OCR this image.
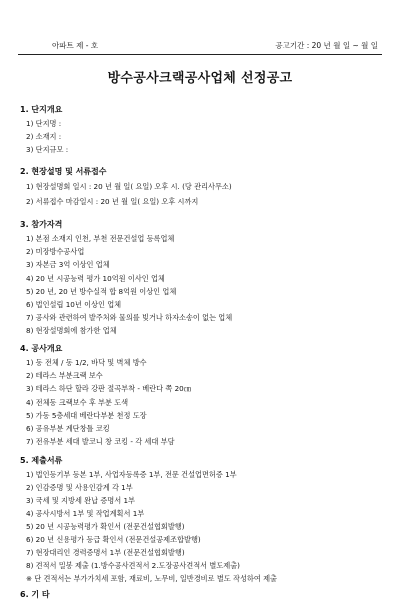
아파트 제 - 호	공고기간 : 20 년 월 일 ~ 월 일
방수공사크랙공사업체 선정공고
1. 단지개요
1) 단지명 :
2) 소재지 :
3) 단지규모 :
2. 현장설명 및 서류접수
1) 현장설명회 일시 : 20 년 월 일( 요일) 오후 시. (당 관리사무소)
2) 서류접수 마감일시 : 20 년 월 일( 요일) 오후 시까지
3. 참가자격
1) 본점 소재지 인천, 부천 전문건설업 등록업체
2) 미장방수공사업
3) 자본금 3억 이상인 업체
4) 20 년 시공능력 평가 10억원 이사인 업체
5) 20 년, 20 년 방수실적 합 8억원 이상인 업체
6) 법인설립 10년 이상인 업체
7) 공사와 관련하여 발주처와 물의를 빚거나 하자소송이 없는 업체
8) 현장설명회에 참가한 업체
4. 공사개요
1) 동 전체 / 동 1/2, 바닥 및 벽체 방수
2) 테라스 부분크랙 보수
3) 테라스 하단 할라 강판 절곡부착 - 베란다 쪽 20㎝
4) 전체동 크랙보수 후 부분 도색
5) 가동 5층세대 베란다부분 천정 도장
6) 공유부분 계단창틀 코킹
7) 전유부분 세대 발코니 창 코킹 - 각 세대 부담
5. 제출서류
1) 법인등기부 등본 1부, 사업자등록증 1부, 전문 건설업면허증 1부
2) 인감증명 및 사용인감계 각 1부
3) 국세 및 지방세 완납 증명서 1부
4) 공사시방서 1부 및 작업계획서 1부
5) 20 년 시공능력평가 확인서 (전문건설협회발행)
6) 20 년 신용평가 등급 확인서 (전문건설공제조합발행)
7) 현장대리인 경력증명서 1부 (전문건설협회발행)
8) 견적서 밀봉 제출 (1.방수공사견적서 2.도장공사견적서 별도제출)
※ 단 견적서는 부가가치세 포함, 재료비, 노무비, 일반경비로 별도 작성하여 제출
6. 기 타
